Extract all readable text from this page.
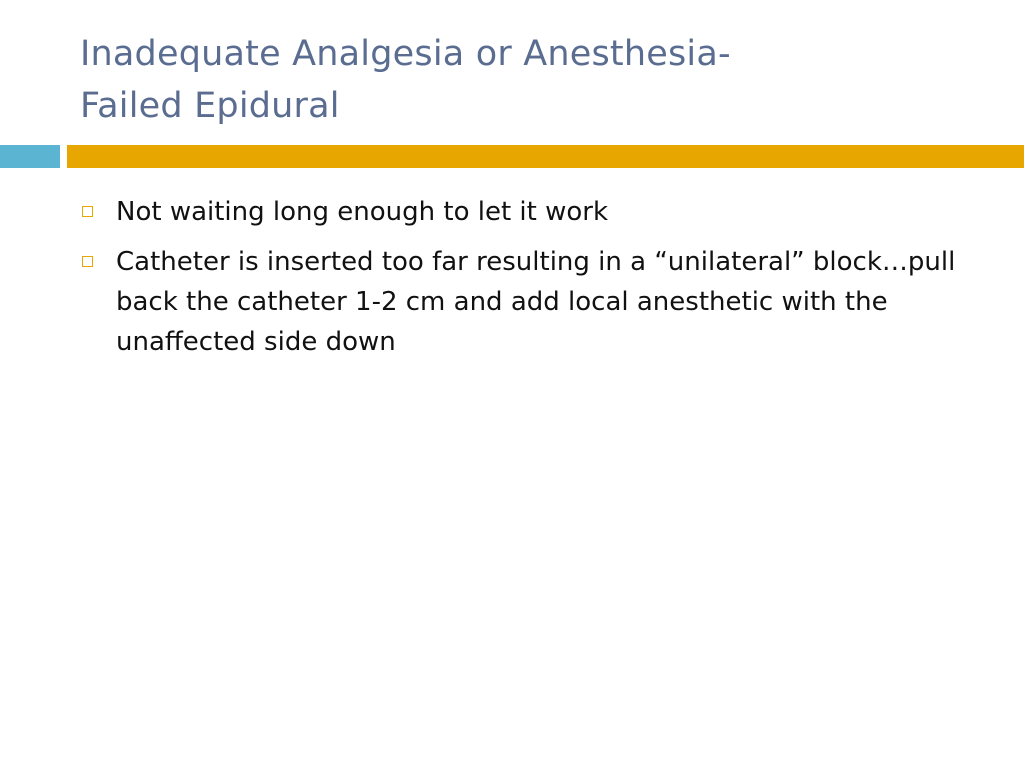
Inadequate Analgesia or Anesthesia-
Failed Epidural
Not waiting long enough to let it work
Catheter is inserted too far resulting in a “unilateral” block…pull back the catheter 1-2 cm and add local anesthetic with the unaffected side down
